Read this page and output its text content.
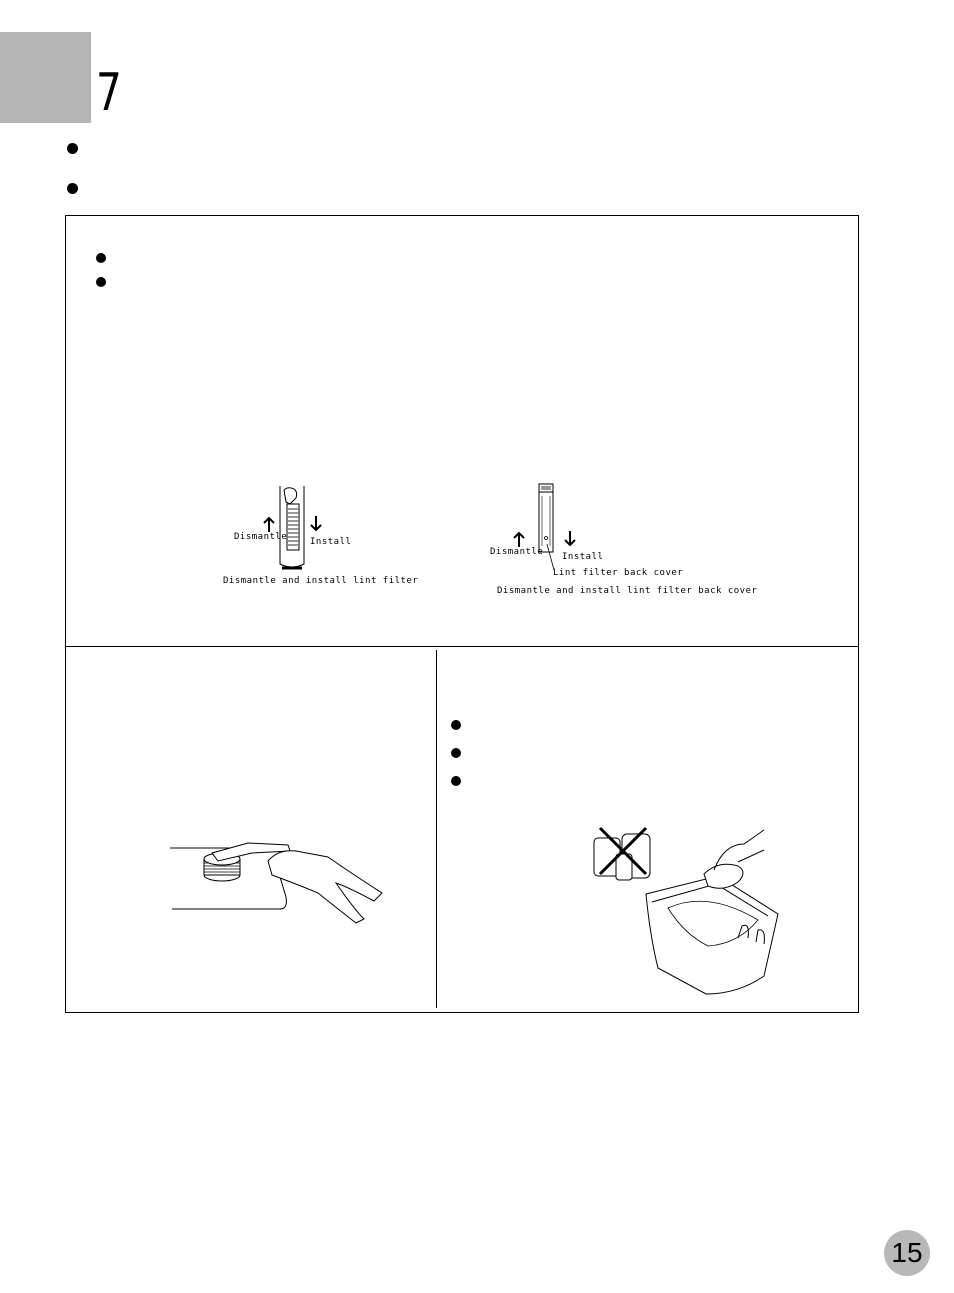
7
Dismantle	Install
Dismantle and install lint filter
Dismantle Install
Lint filter back cover
Dismantle and install lint filter back cover
15
